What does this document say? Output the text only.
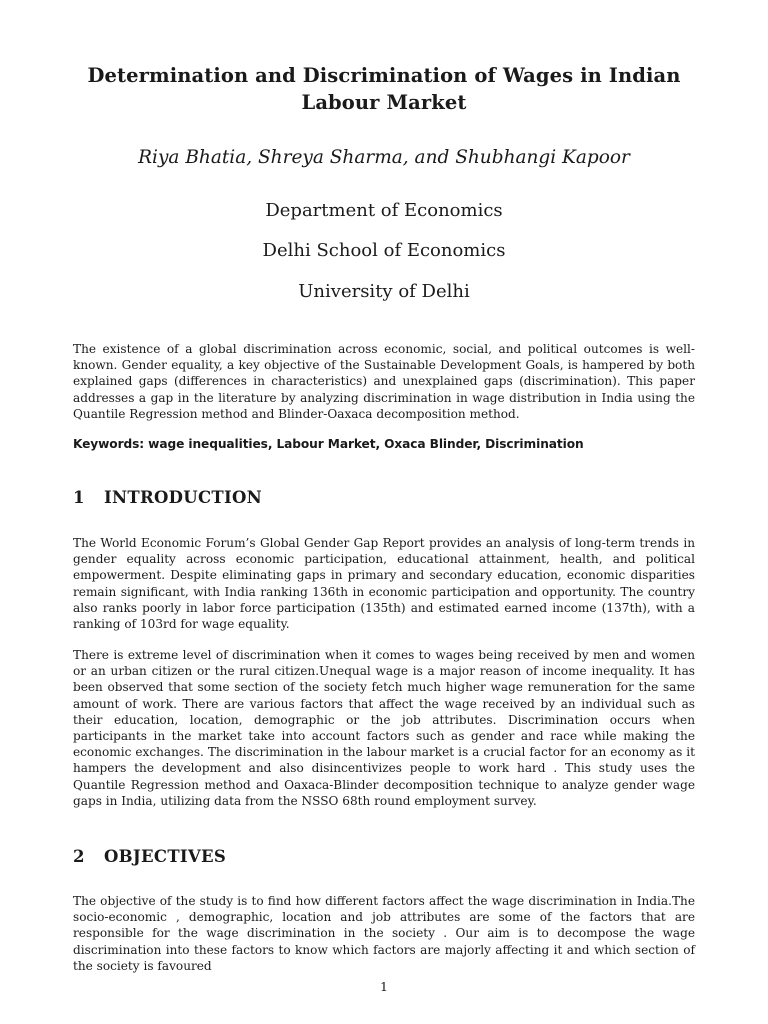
Determination and Discrimination of Wages in Indian Labour Market
Riya Bhatia, Shreya Sharma, and Shubhangi Kapoor
Department of Economics
Delhi School of Economics
University of Delhi

The existence of a global discrimination across economic, social, and political outcomes is well-known. Gender equality, a key objective of the Sustainable Development Goals, is hampered by both explained gaps (differences in characteristics) and unexplained gaps (discrimination). This paper addresses a gap in the literature by analyzing discrimination in wage distribution in India using the Quantile Regression method and Blinder-Oaxaca decomposition method.

Keywords: wage inequalities, Labour Market, Oxaca Blinder, Discrimination
1 INTRODUCTION

The World Economic Forum’s Global Gender Gap Report provides an analysis of long-term trends in gender equality across economic participation, educational attainment, health, and political empowerment. Despite eliminating gaps in primary and secondary education, economic disparities remain significant, with India ranking 136th in economic participation and opportunity. The country also ranks poorly in labor force participation (135th) and estimated earned income (137th), with a ranking of 103rd for wage equality.

There is extreme level of discrimination when it comes to wages being received by men and women or an urban citizen or the rural citizen.Unequal wage is a major reason of income inequality. It has been observed that some section of the society fetch much higher wage remuneration for the same amount of work. There are various factors that affect the wage received by an individual such as their education, location, demographic or the job attributes. Discrimination occurs when participants in the market take into account factors such as gender and race while making the economic exchanges. The discrimination in the labour market is a crucial factor for an economy as it hampers the development and also disincentivizes people to work hard . This study uses the Quantile Regression method and Oaxaca-Blinder decomposition technique to analyze gender wage gaps in India, utilizing data from the NSSO 68th round employment survey.

2 OBJECTIVES

The objective of the study is to find how different factors affect the wage discrimination in India.The socio-economic , demographic, location and job attributes are some of the factors that are responsible for the wage discrimination in the society . Our aim is to decompose the wage discrimination into these factors to know which factors are majorly affecting it and which section of the society is favoured

1
